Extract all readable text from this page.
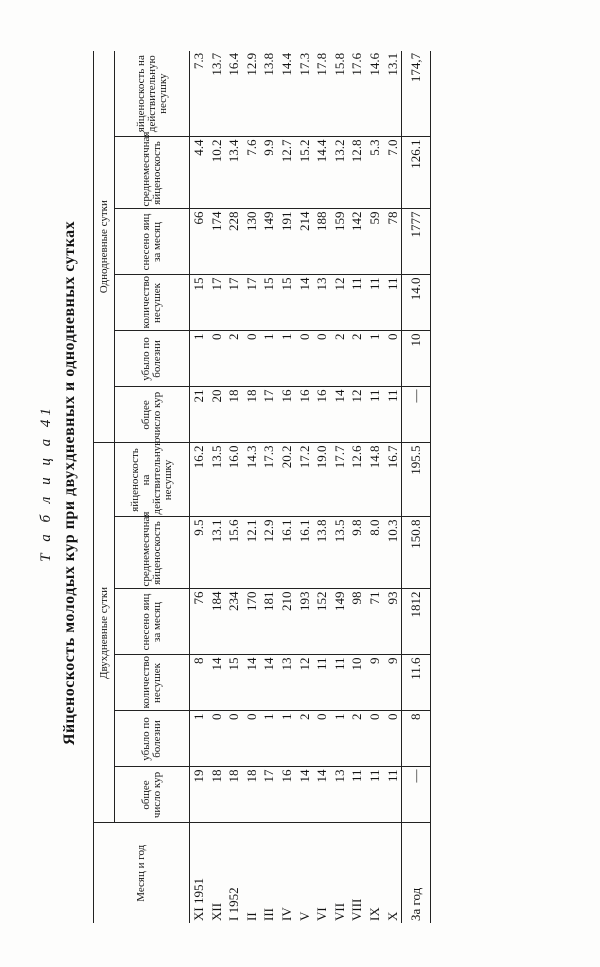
Т а б л и ц а 41 Яйценоскость молодых кур при двухдневных и однодневных сутках
Месяц и год	Двухдневные сутки						Однодневные сутки					
	общее число кур	убыло по болезни	количество несушек	снесено яиц за месяц	среднемесячная яйценоскость	яйценоскость на действительную несушку	общее число кур	убыло по болезни	количество несушек	снесено яиц за месяц	среднемесячная яйценоскость	яйценоскость на действительную несушку
XI 1951	19	1	8	76	9.5	16.2	21	1	15	66	4.4	7.3
XII	18	0	14	184	13.1	13.5	20	0	17	174	10.2	13.7
I 1952	18	0	15	234	15.6	16.0	18	2	17	228	13.4	16.4
II	18	0	14	170	12.1	14.3	18	0	17	130	7.6	12.9
III	17	1	14	181	12.9	17.3	17	1	15	149	9.9	13.8
IV	16	1	13	210	16.1	20.2	16	1	15	191	12.7	14.4
V	14	2	12	193	16.1	17.2	16	0	14	214	15.2	17.3
VI	14	0	11	152	13.8	19.0	16	0	13	188	14.4	17.8
VII	13	1	11	149	13.5	17.7	14	2	12	159	13.2	15.8
VIII	11	2	10	98	9.8	12.6	12	2	11	142	12.8	17.6
IX	11	0	9	71	8.0	14.8	11	1	11	59	5.3	14.6
X	11	0	9	93	10.3	16.7	11	0	11	78	7.0	13.1
За год	—	8	11.6	1812	150.8	195.5	—	10	14.0	1777	126.1	174,7
